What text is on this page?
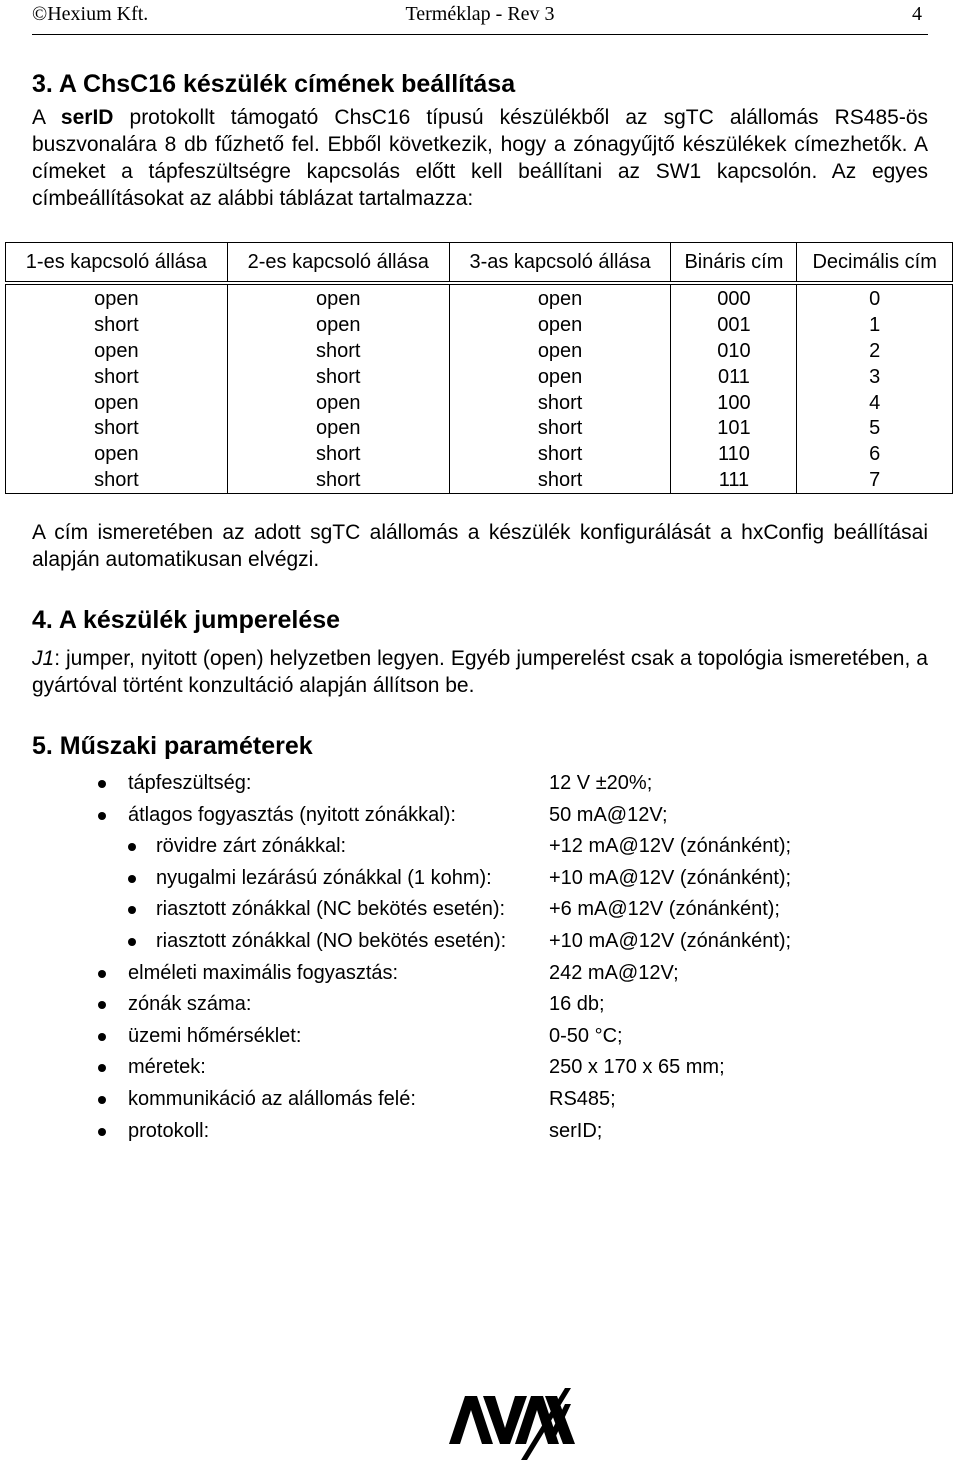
©Hexium Kft.	Terméklap - Rev 3	4
3. A ChsC16 készülék címének beállítása

A serID protokollt támogató ChsC16 típusú készülékből az sgTC alállomás RS485-ös buszvonalára 8 db fűzhető fel. Ebből következik, hogy a zónagyűjtő készülékek címezhetők. A címeket a tápfeszültségre kapcsolás előtt kell beállítani az SW1 kapcsolón. Az egyes címbeállításokat az alábbi táblázat tartalmazza:

1-es kapcsoló állása	2-es kapcsoló állása	3-as kapcsoló állása	Bináris cím	Decimális cím
open	open	open	000	0
short	open	open	001	1
open	short	open	010	2
short	short	open	011	3
open	open	short	100	4
short	open	short	101	5
open	short	short	110	6
short	short	short	111	7

A cím ismeretében az adott sgTC alállomás a készülék konfigurálását a hxConfig beállításai alapján automatikusan elvégzi.

4. A készülék jumperelése

J1: jumper, nyitott (open) helyzetben legyen. Egyéb jumperelést csak a topológia ismeretében, a gyártóval történt konzultáció alapján állítson be.

5. Műszaki paraméterek
tápfeszültség:	12 V ±20%;
átlagos fogyasztás (nyitott zónákkal):	50 mA@12V;
rövidre zárt zónákkal:	+12 mA@12V (zónánként);
nyugalmi lezárású zónákkal (1 kohm):	+10 mA@12V (zónánként);
riasztott zónákkal (NC bekötés esetén): +6 mA@12V (zónánként);
riasztott zónákkal (NO bekötés esetén): +10 mA@12V (zónánként);
elméleti maximális fogyasztás:	242 mA@12V;
zónák száma:	16 db;
üzemi hőmérséklet:	0-50 °C;
méretek:	250 x 170 x 65 mm;
kommunikáció az alállomás felé:	RS485;
protokoll:	serID;
